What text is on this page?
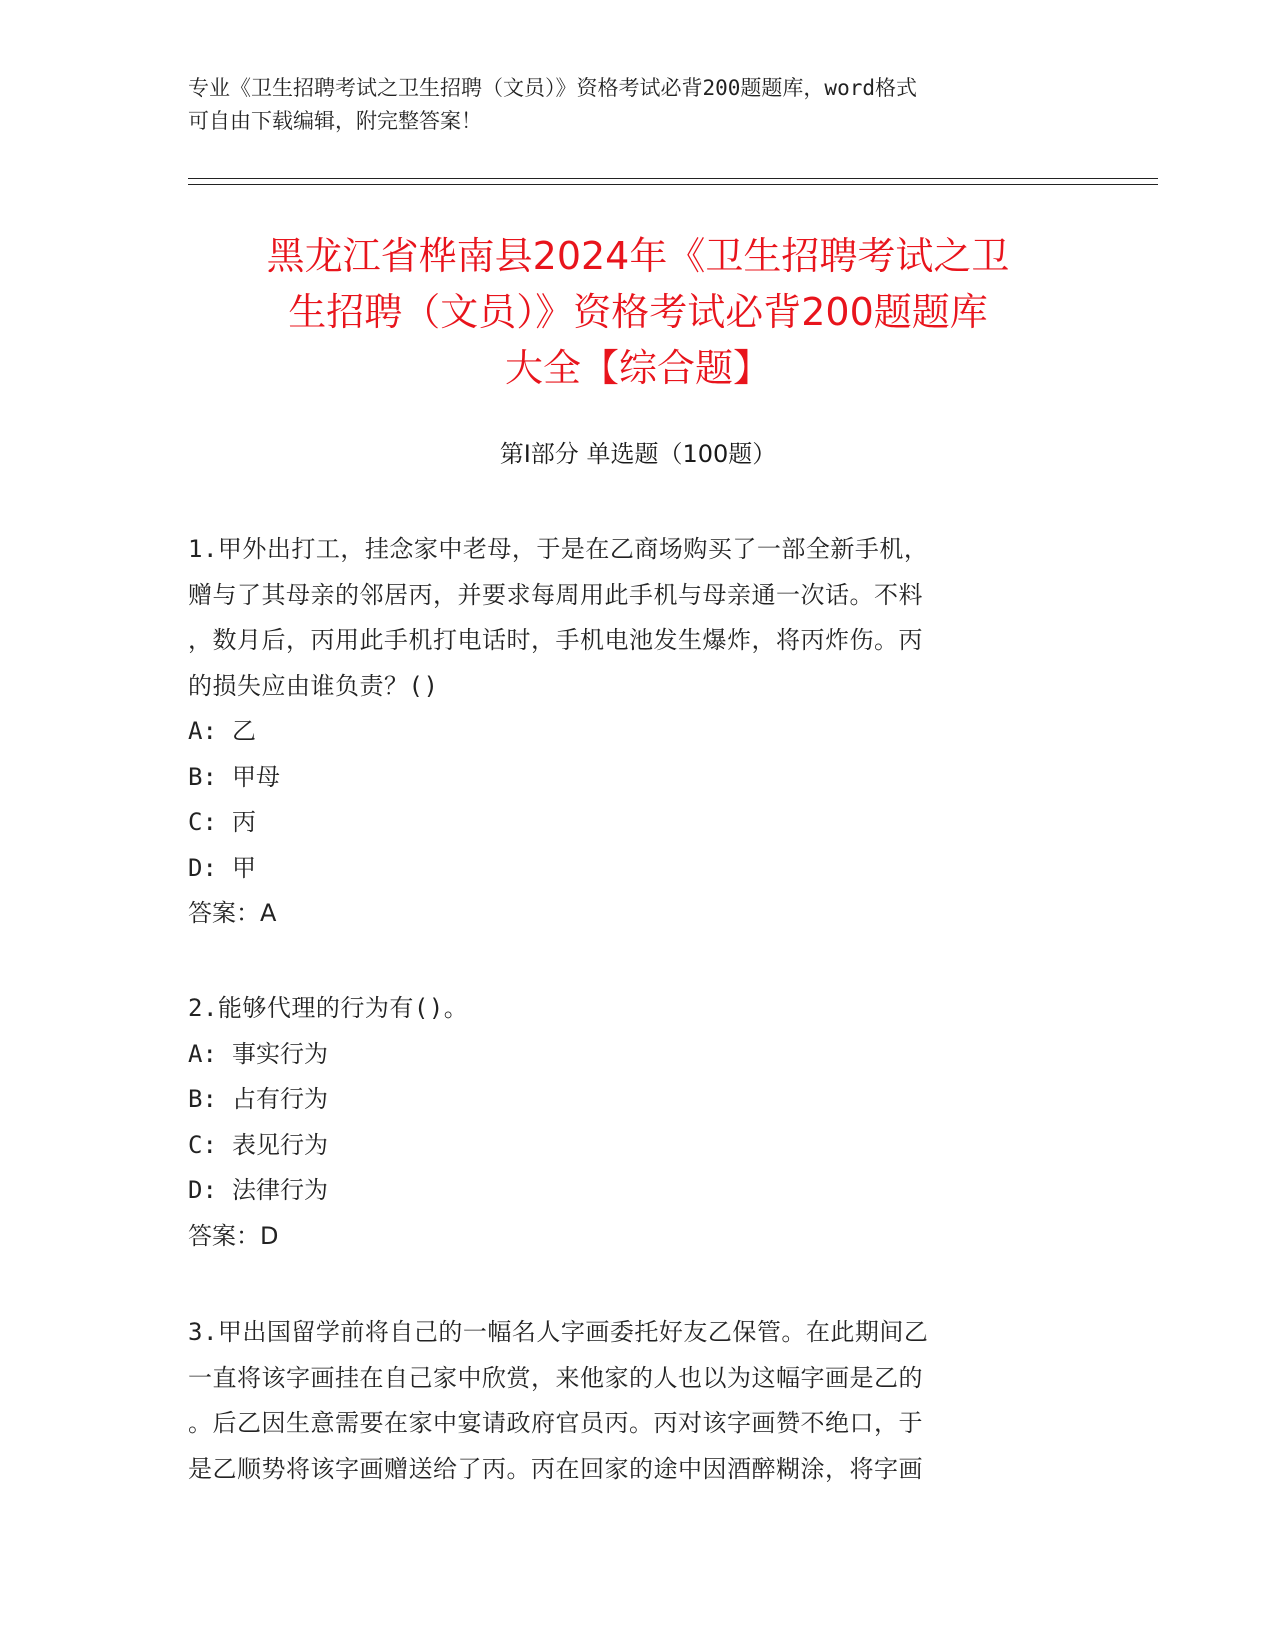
专业《卫生招聘考试之卫生招聘（文员）》资格考试必背200题题库，word格式
可自由下载编辑，附完整答案！
黑龙江省桦南县2024年《卫生招聘考试之卫
生招聘（文员）》资格考试必背200题题库
大全【综合题】
第Ⅰ部分 单选题（100题）
1.甲外出打工，挂念家中老母，于是在乙商场购买了一部全新手机，
赠与了其母亲的邻居丙，并要求每周用此手机与母亲通一次话。不料
，数月后，丙用此手机打电话时，手机电池发生爆炸，将丙炸伤。丙
的损失应由谁负责？()
A: 乙
B: 甲母
C: 丙
D: 甲
答案：A
2.能够代理的行为有()。
A: 事实行为
B: 占有行为
C: 表见行为
D: 法律行为
答案：D
3.甲出国留学前将自己的一幅名人字画委托好友乙保管。在此期间乙
一直将该字画挂在自己家中欣赏，来他家的人也以为这幅字画是乙的
。后乙因生意需要在家中宴请政府官员丙。丙对该字画赞不绝口，于
是乙顺势将该字画赠送给了丙。丙在回家的途中因酒醉糊涂，将字画
